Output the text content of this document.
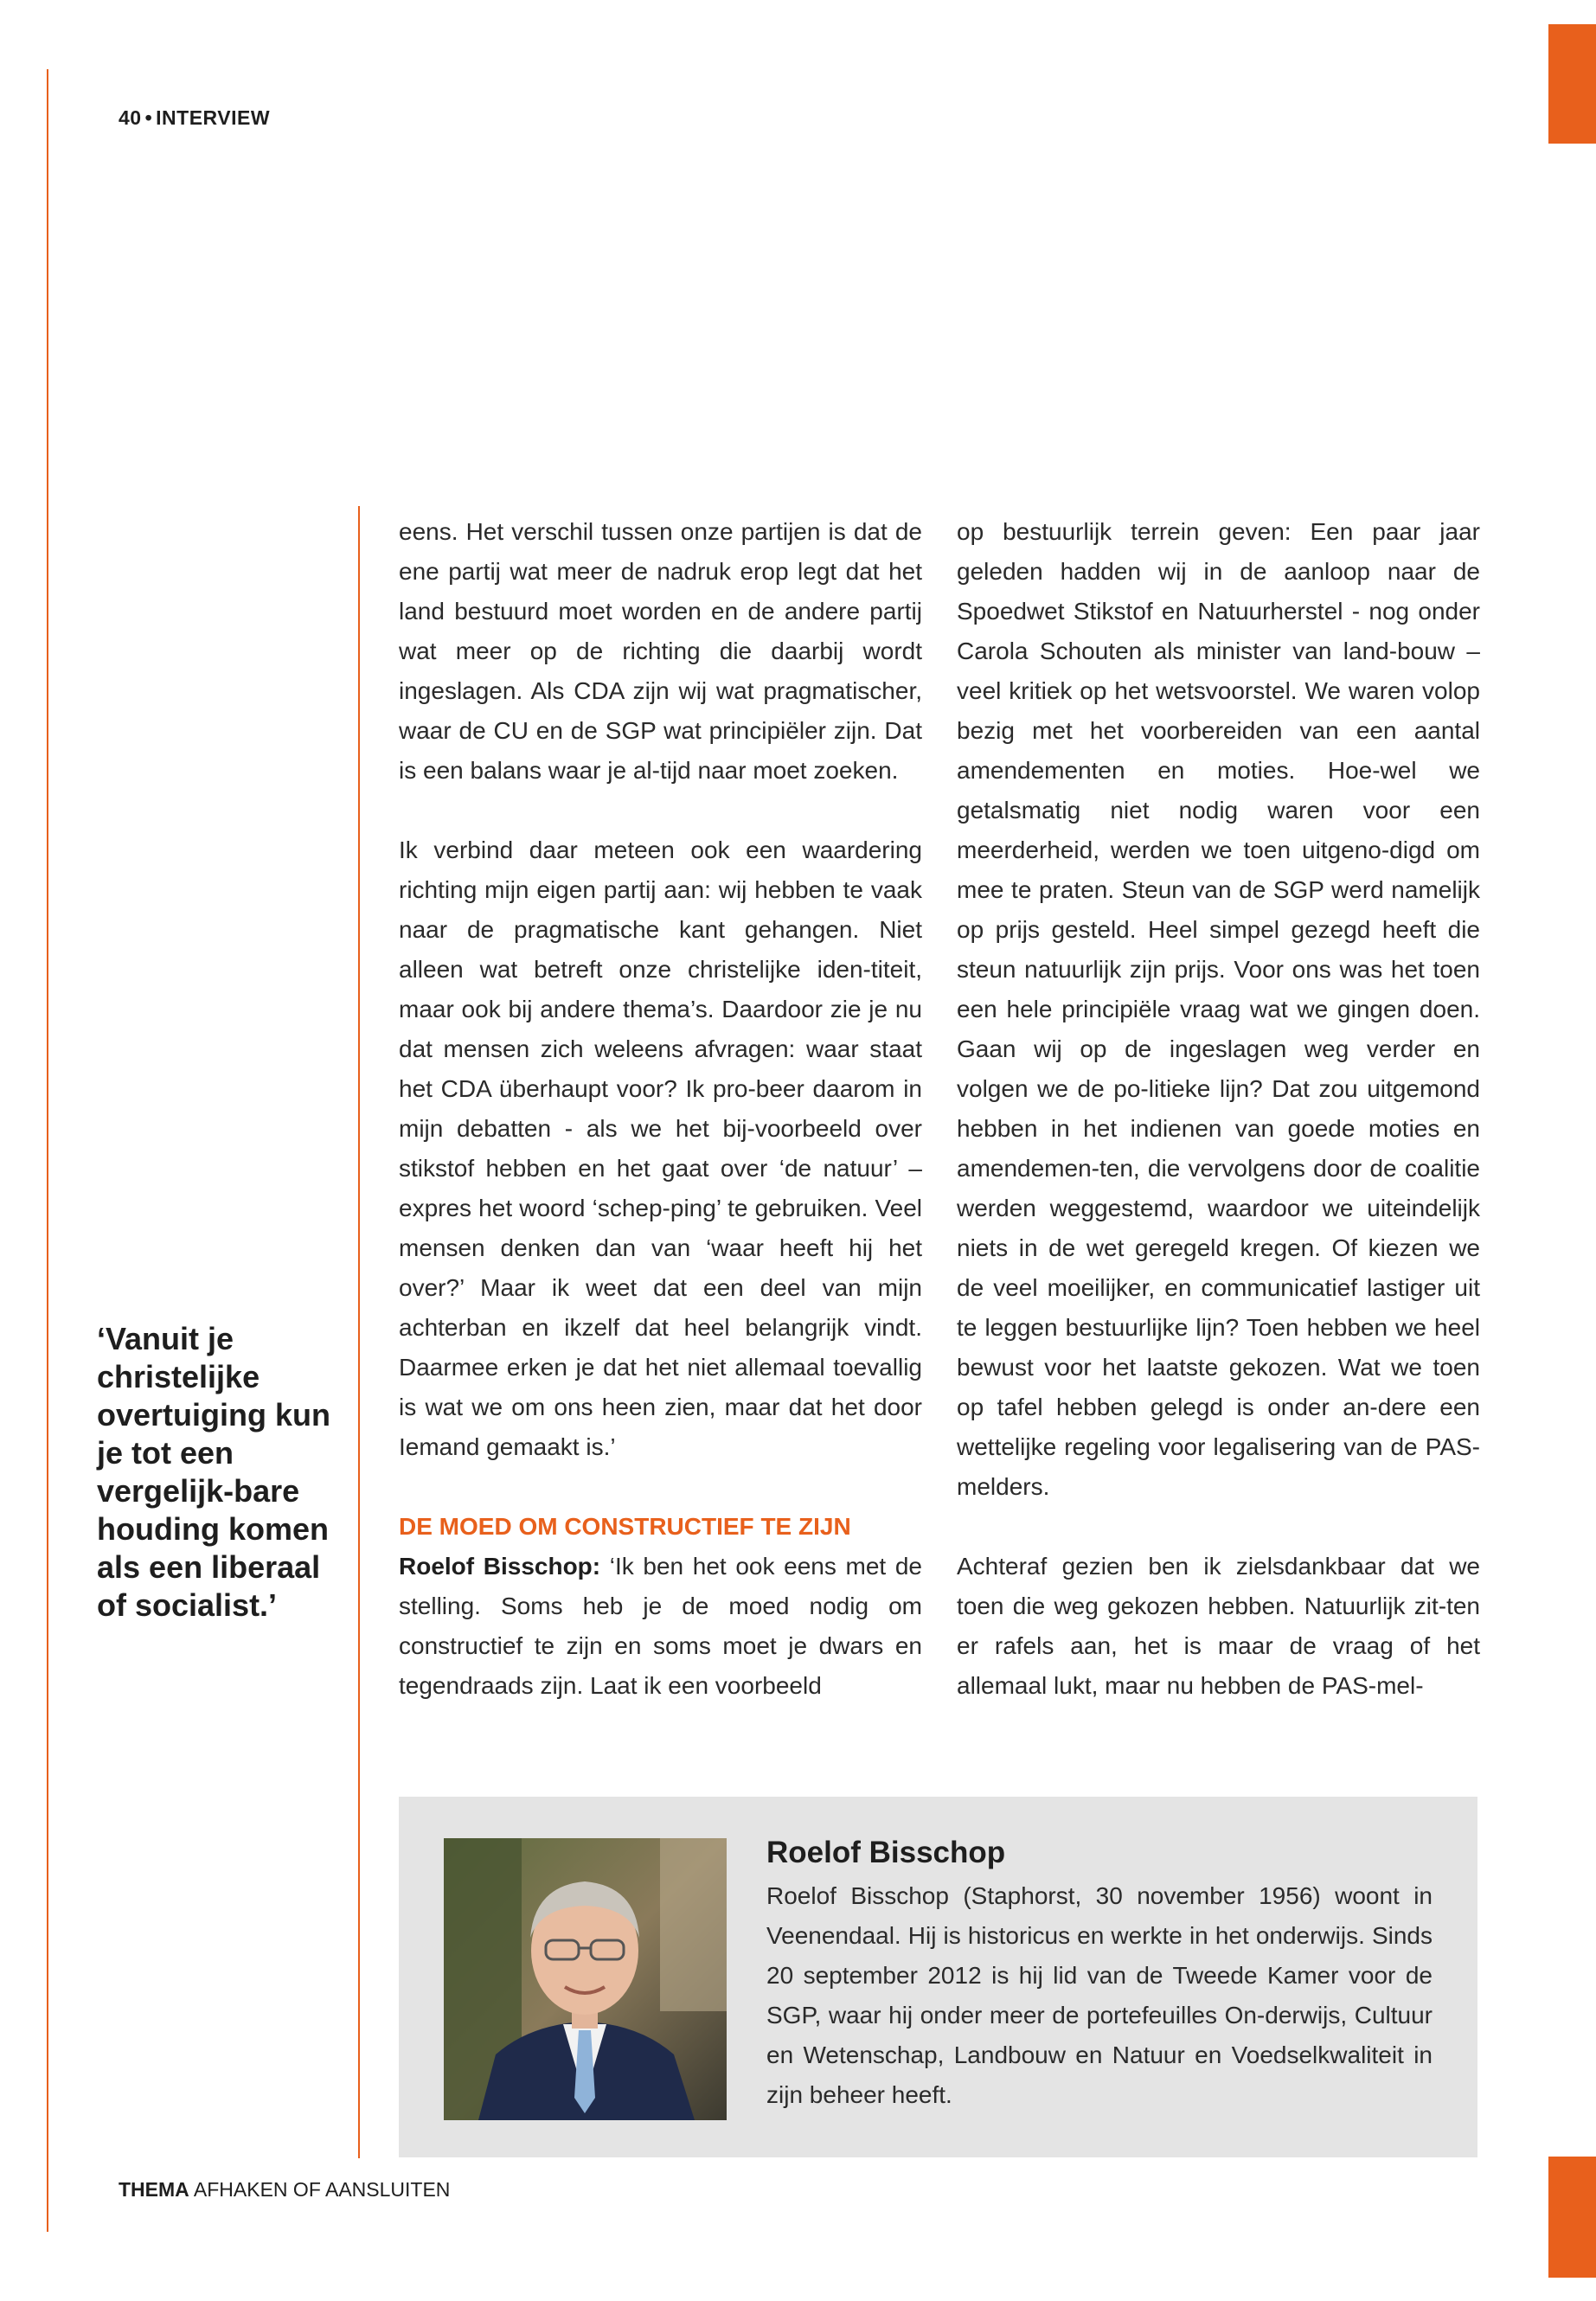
40 • INTERVIEW
‘Vanuit je christelijke overtuiging kun je tot een vergelijk-bare houding komen als een liberaal of socialist.’

eens. Het verschil tussen onze partijen is dat de ene partij wat meer de nadruk erop legt dat het land bestuurd moet worden en de andere partij wat meer op de richting die daarbij wordt ingeslagen. Als CDA zijn wij wat pragmatischer, waar de CU en de SGP wat principiëler zijn. Dat is een balans waar je al-tijd naar moet zoeken.

Ik verbind daar meteen ook een waardering richting mijn eigen partij aan: wij hebben te vaak naar de pragmatische kant gehangen. Niet alleen wat betreft onze christelijke iden-titeit, maar ook bij andere thema’s. Daardoor zie je nu dat mensen zich weleens afvragen: waar staat het CDA überhaupt voor? Ik pro-beer daarom in mijn debatten - als we het bij-voorbeeld over stikstof hebben en het gaat over ‘de natuur’ – expres het woord ‘schep-ping’ te gebruiken. Veel mensen denken dan van ‘waar heeft hij het over?’ Maar ik weet dat een deel van mijn achterban en ikzelf dat heel belangrijk vindt. Daarmee erken je dat het niet allemaal toevallig is wat we om ons heen zien, maar dat het door Iemand gemaakt is.’

DE MOED OM CONSTRUCTIEF TE ZIJN

Roelof Bisschop: ‘Ik ben het ook eens met de stelling. Soms heb je de moed nodig om constructief te zijn en soms moet je dwars en tegendraads zijn. Laat ik een voorbeeld

op bestuurlijk terrein geven: Een paar jaar geleden hadden wij in de aanloop naar de Spoedwet Stikstof en Natuurherstel - nog onder Carola Schouten als minister van land-bouw – veel kritiek op het wetsvoorstel. We waren volop bezig met het voorbereiden van een aantal amendementen en moties. Hoe-wel we getalsmatig niet nodig waren voor een meerderheid, werden we toen uitgeno-digd om mee te praten. Steun van de SGP werd namelijk op prijs gesteld. Heel simpel gezegd heeft die steun natuurlijk zijn prijs. Voor ons was het toen een hele principiële vraag wat we gingen doen. Gaan wij op de ingeslagen weg verder en volgen we de po-litieke lijn? Dat zou uitgemond hebben in het indienen van goede moties en amendemen-ten, die vervolgens door de coalitie werden weggestemd, waardoor we uiteindelijk niets in de wet geregeld kregen. Of kiezen we de veel moeilijker, en communicatief lastiger uit te leggen bestuurlijke lijn? Toen hebben we heel bewust voor het laatste gekozen. Wat we toen op tafel hebben gelegd is onder an-dere een wettelijke regeling voor legalisering van de PAS-melders.

Achteraf gezien ben ik zielsdankbaar dat we toen die weg gekozen hebben. Natuurlijk zit-ten er rafels aan, het is maar de vraag of het allemaal lukt, maar nu hebben de PAS-mel-

Roelof Bisschop

Roelof Bisschop (Staphorst, 30 november 1956) woont in Veenendaal. Hij is historicus en werkte in het onderwijs. Sinds 20 september 2012 is hij lid van de Tweede Kamer voor de SGP, waar hij onder meer de portefeuilles On-derwijs, Cultuur en Wetenschap, Landbouw en Natuur en Voedselkwaliteit in zijn beheer heeft.

THEMA AFHAKEN OF AANSLUITEN
